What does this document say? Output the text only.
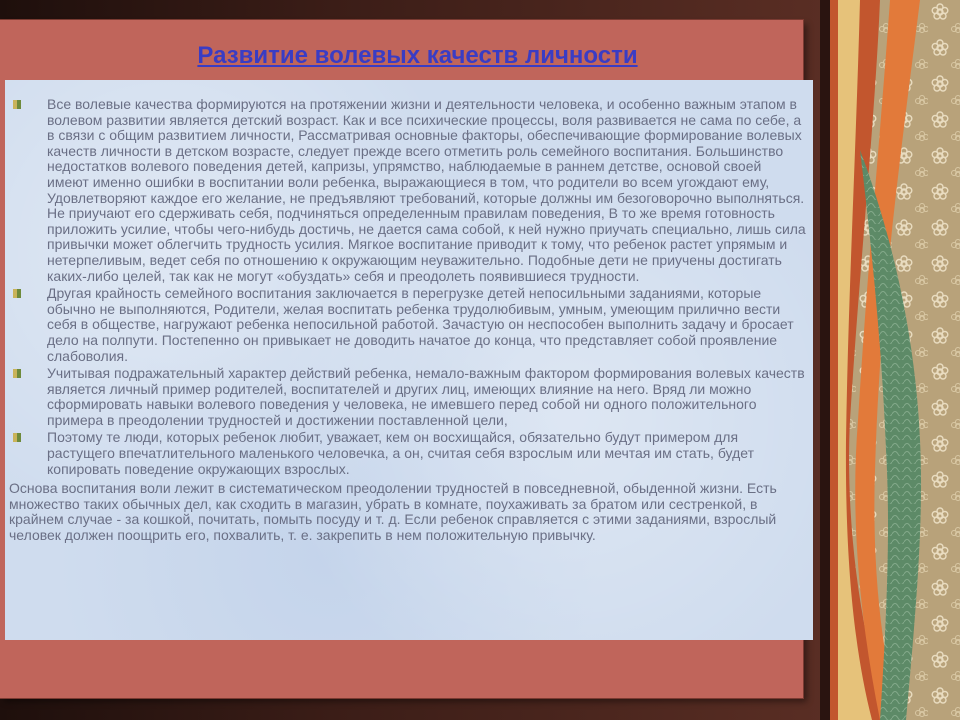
Развитие волевых качеств личности
Все волевые качества формируются на протяжении жизни и деятельности человека, и особенно важным этапом в волевом развитии является детский возраст. Как и все психические процессы, воля развивается не сама по себе, а в связи с общим развитием личности, Рассматривая основные факторы, обеспечивающие формирование волевых качеств личности в детском возрасте, следует прежде всего отметить роль семейного воспитания. Большинство недостатков волевого поведения детей, капризы, упрямство, наблюдаемые в раннем детстве, основой своей имеют именно ошибки в воспитании воли ребенка, выражающиеся в том, что родители во всем угождают ему, Удовлетворяют каждое его желание, не предъявляют требований, которые должны им безоговорочно выполняться. Не приучают его сдерживать себя, подчиняться определенным правилам поведения, В то же время готовность приложить усилие, чтобы чего-нибудь достичь, не дается сама собой, к ней нужно приучать специально, лишь сила привычки может облегчить трудность усилия. Мягкое воспитание приводит к тому, что ребенок растет упрямым и нетерпеливым, ведет себя по отношению к окружающим неуважительно. Подобные дети не приучены достигать каких-либо целей, так как не могут «обуздать» себя и преодолеть появившиеся трудности.
Другая крайность семейного воспитания заключается в перегрузке детей непосильными заданиями, которые обычно не выполняются, Родители, желая воспитать ребенка трудолюбивым, умным, умеющим прилично вести себя в обществе, нагружают ребенка непосильной работой. Зачастую он неспособен выполнить задачу и бросает дело на полпути. Постепенно он привыкает не доводить начатое до конца, что представляет собой проявление слабоволия.
Учитывая подражательный характер действий ребенка, немало-важным фактором формирования волевых качеств является личный пример родителей, воспитателей и других лиц, имеющих влияние на него. Вряд ли можно сформировать навыки волевого поведения у человека, не имевшего перед собой ни одного положительного примера в преодолении трудностей и достижении поставленной цели,
Поэтому те люди, которых ребенок любит, уважает, кем он восхищайся, обязательно будут примером для растущего впечатлительного маленького человечка, а он, считая себя взрослым или мечтая им стать, будет копировать поведение окружающих взрослых.

Основа воспитания воли лежит в систематическом преодолении трудностей в повседневной, обыденной жизни. Есть множество таких обычных дел, как сходить в магазин, убрать в комнате, поухаживать за братом или сестренкой, в крайнем случае - за кошкой, почитать, помыть посуду и т. д. Если ребенок справляется с этими заданиями, взрослый человек должен поощрить его, похвалить, т. е. закрепить в нем положительную привычку.
